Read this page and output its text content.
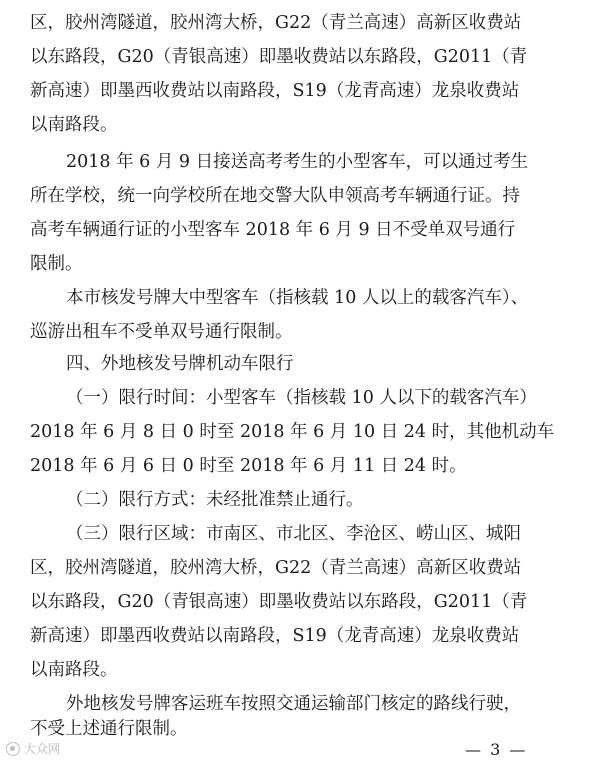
区，胶州湾隧道，胶州湾大桥，G22（青兰高速）高新区收费站
以东路段，G20（青银高速）即墨收费站以东路段，G2011（青
新高速）即墨西收费站以南路段，S19（龙青高速）龙泉收费站
以南路段。
2018 年 6 月 9 日接送高考考生的小型客车，可以通过考生
所在学校，统一向学校所在地交警大队申领高考车辆通行证。持
高考车辆通行证的小型客车 2018 年 6 月 9 日不受单双号通行
限制。
本市核发号牌大中型客车（指核载 10 人以上的载客汽车）、
巡游出租车不受单双号通行限制。
四、外地核发号牌机动车限行
（一）限行时间：小型客车（指核载 10 人以下的载客汽车）
2018 年 6 月 8 日 0 时至 2018 年 6 月 10 日 24 时，其他机动车
2018 年 6 月 6 日 0 时至 2018 年 6 月 11 日 24 时。
（二）限行方式：未经批准禁止通行。
（三）限行区域：市南区、市北区、李沧区、崂山区、城阳
区，胶州湾隧道，胶州湾大桥，G22（青兰高速）高新区收费站
以东路段，G20（青银高速）即墨收费站以东路段，G2011（青
新高速）即墨西收费站以南路段，S19（龙青高速）龙泉收费站
以南路段。
外地核发号牌客运班车按照交通运输部门核定的路线行驶，
不受上述通行限制。
大众网	— 3 —
